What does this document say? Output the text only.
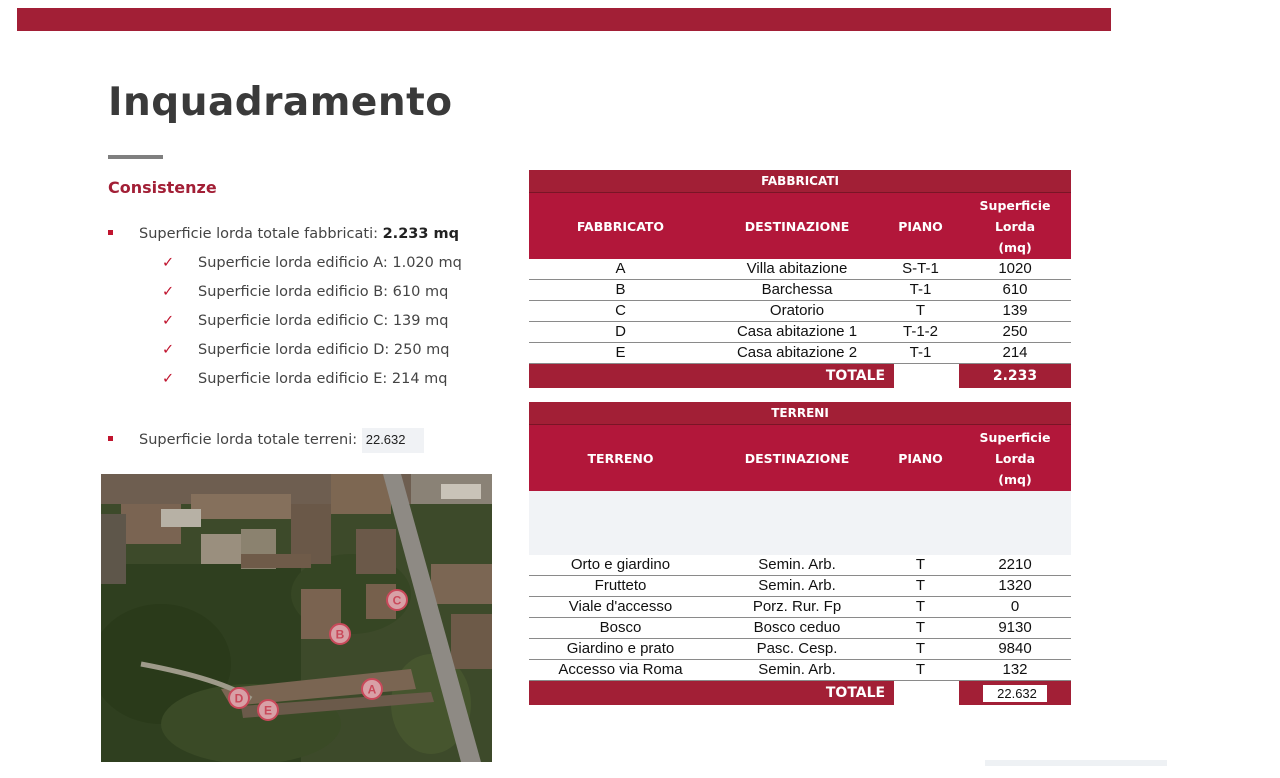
Inquadramento
Consistenze
Superficie lorda totale fabbricati: 2.233 mq
✓ Superficie lorda edificio A: 1.020 mq
✓ Superficie lorda edificio B: 610 mq
✓ Superficie lorda edificio C: 139 mq
✓ Superficie lorda edificio D: 250 mq
✓ Superficie lorda edificio E: 214 mq
Superficie lorda totale terreni: 22.632
A
B
C
D
E
FABBRICATI			
FABBRICATO	DESTINAZIONE	PIANO	Superficie
Lorda
(mq)
A	Villa abitazione	S-T-1	1020
B	Barchessa	T-1	610
C	Oratorio	T	139
D	Casa abitazione 1	T-1-2	250
E	Casa abitazione 2	T-1	214
		TOTALE	2.233
TERRENI			
TERRENO	DESTINAZIONE	PIANO	Superficie
Lorda
(mq)

Orto e giardino	Semin. Arb.	T	2210
Frutteto	Semin. Arb.	T	1320
Viale d'accesso	Porz. Rur. Fp	T	0
Bosco	Bosco ceduo	T	9130
Giardino e prato	Pasc. Cesp.	T	9840
Accesso via Roma	Semin. Arb.	T	132
		TOTALE	22.632
